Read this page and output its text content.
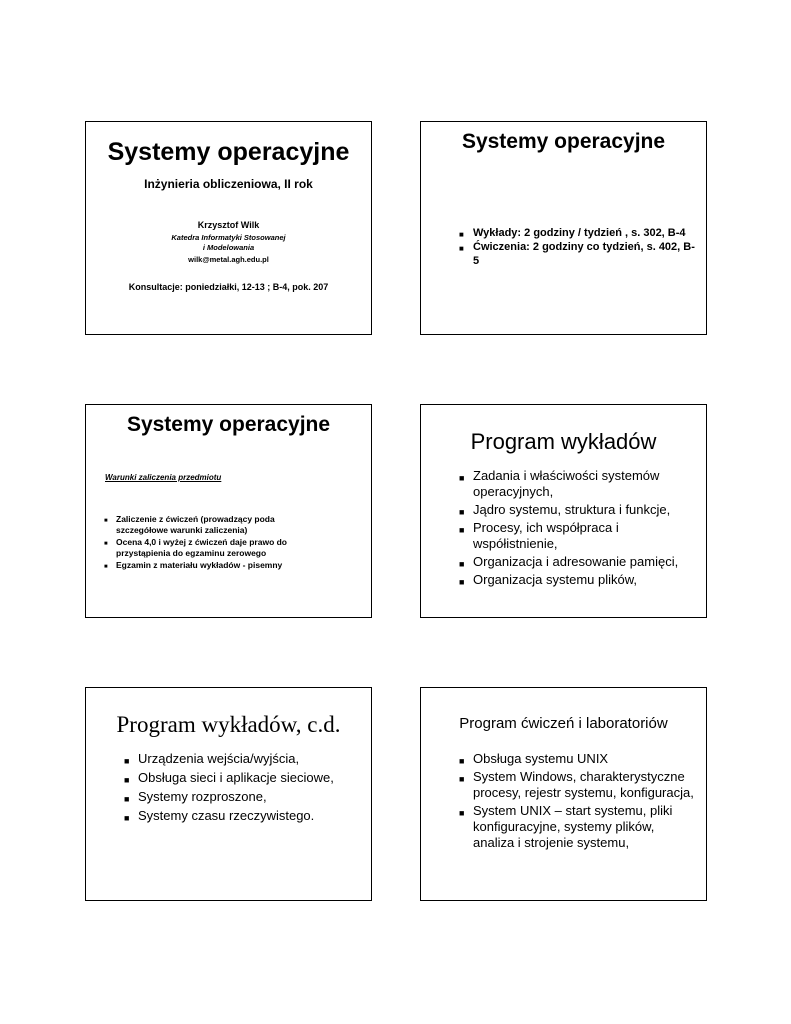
Systemy operacyjne
Inżynieria obliczeniowa, II rok
Krzysztof Wilk
Katedra Informatyki Stosowanej
i Modelowania
wilk@metal.agh.edu.pl
Konsultacje: poniedziałki, 12-13 ; B-4, pok. 207
Systemy operacyjne
■ Wykłady: 2 godziny / tydzień , s. 302, B-4
■ Ćwiczenia: 2 godziny co tydzień, s. 402, B-5
Systemy operacyjne
Warunki zaliczenia przedmiotu
■ Zaliczenie z ćwiczeń (prowadzący poda szczegółowe warunki zaliczenia)
■ Ocena 4,0 i wyżej z ćwiczeń daje prawo do przystąpienia do egzaminu zerowego
■ Egzamin z materiału wykładów - pisemny
Program wykładów
■ Zadania i właściwości systemów operacyjnych,
■ Jądro systemu, struktura i funkcje,
■ Procesy, ich współpraca i współistnienie,
■ Organizacja i adresowanie pamięci,
■ Organizacja systemu plików,
Program wykładów, c.d.
■ Urządzenia wejścia/wyjścia,
■ Obsługa sieci i aplikacje sieciowe,
■ Systemy rozproszone,
■ Systemy czasu rzeczywistego.
Program ćwiczeń i laboratoriów
■ Obsługa systemu UNIX
■ System Windows, charakterystyczne procesy, rejestr systemu, konfiguracja,
■ System UNIX – start systemu, pliki konfiguracyjne, systemy plików, analiza i strojenie systemu,
